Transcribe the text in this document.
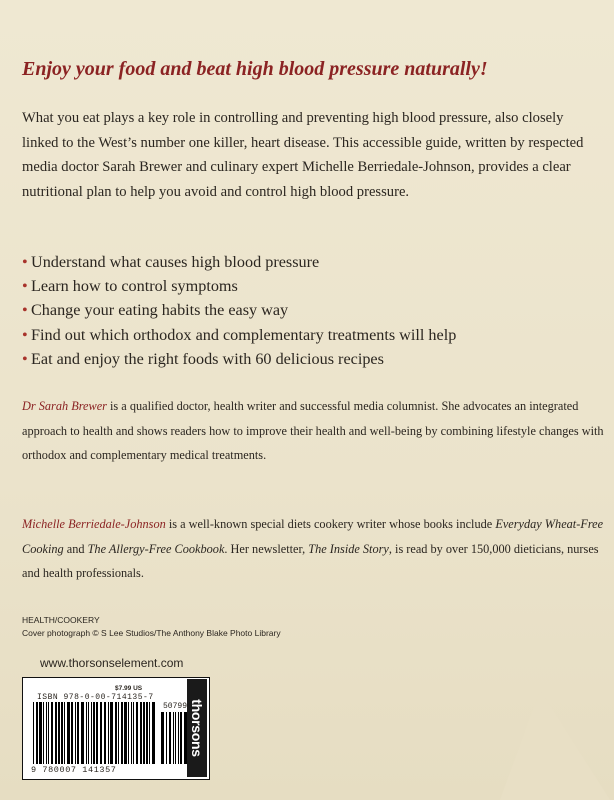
Enjoy your food and beat high blood pressure naturally!

What you eat plays a key role in controlling and preventing high blood pressure, also closely linked to the West’s number one killer, heart disease. This accessible guide, written by respected media doctor Sarah Brewer and culinary expert Michelle Berriedale-Johnson, provides a clear nutritional plan to help you avoid and control high blood pressure.

• Understand what causes high blood pressure
• Learn how to control symptoms
• Change your eating habits the easy way
• Find out which orthodox and complementary treatments will help
• Eat and enjoy the right foods with 60 delicious recipes

Dr Sarah Brewer is a qualified doctor, health writer and successful media columnist. She advocates an integrated approach to health and shows readers how to improve their health and well-being by combining lifestyle changes with orthodox and complementary medical treatments.

Michelle Berriedale-Johnson is a well-known special diets cookery writer whose books include Everyday Wheat-Free Cooking and The Allergy-Free Cookbook. Her newsletter, The Inside Story, is read by over 150,000 dieticians, nurses and health professionals.

HEALTH/COOKERY
Cover photograph © S Lee Studios/The Anthony Blake Photo Library
www.thorsonselement.com
$7.99 US
ISBN 978-0-00-714135-7
50799
9 780007 141357
thorsons
